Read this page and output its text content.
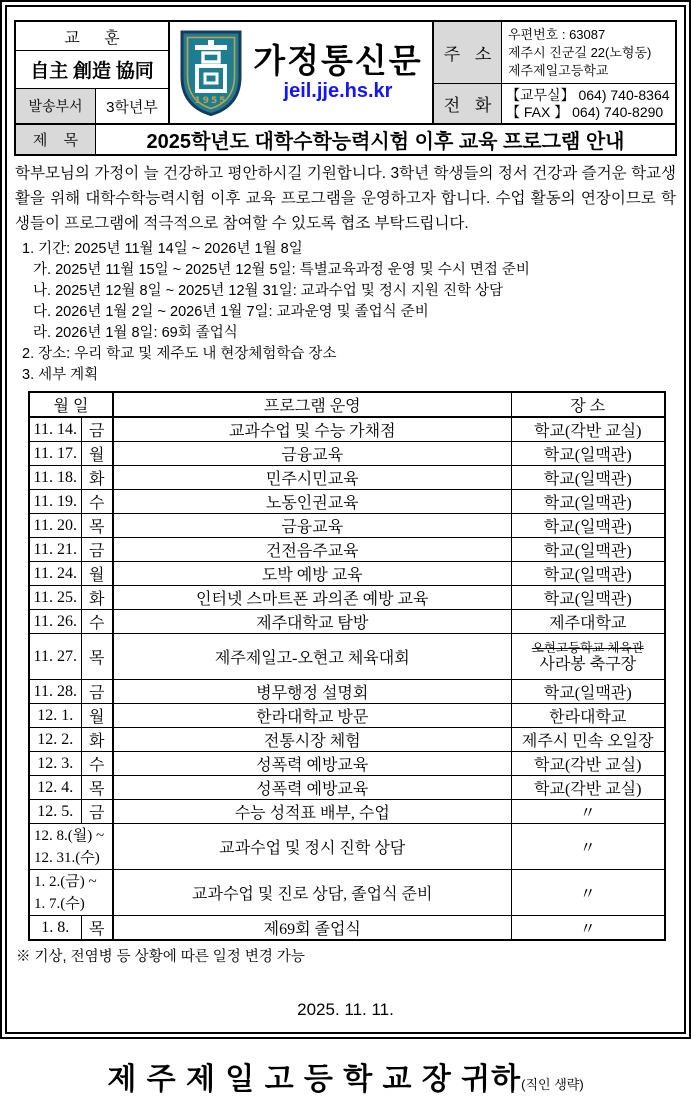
교 훈
自主 創造 協同
발송부서	3학년부	1955
가정통신문
jeil.jje.hs.kr
주 소
우편번호 : 63087
제주시 진군길 22(노형동)
제주제일고등학교
전 화
【교무실】 064) 740-8364
【 FAX 】 064) 740-8290
제 목	2025학년도 대학수학능력시험 이후 교육 프로그램 안내
학부모님의 가정이 늘 건강하고 평안하시길 기원합니다. 3학년 학생들의 정서 건강과 즐거운 학교생활을 위해 대학수학능력시험 이후 교육 프로그램을 운영하고자 합니다. 수업 활동의 연장이므로 학생들이 프로그램에 적극적으로 참여할 수 있도록 협조 부탁드립니다.
1. 기간: 2025년 11월 14일 ~ 2026년 1월 8일
가. 2025년 11월 15일 ~ 2025년 12월 5일: 특별교육과정 운영 및 수시 면접 준비
나. 2025년 12월 8일 ~ 2025년 12월 31일: 교과수업 및 정시 지원 진학 상담
다. 2026년 1월 2일 ~ 2026년 1월 7일: 교과운영 및 졸업식 준비
라. 2026년 1월 8일: 69회 졸업식
2. 장소: 우리 학교 및 제주도 내 현장체험학습 장소
3. 세부 계획
월 일		프로그램 운영	장 소
11. 14.	금	교과수업 및 수능 가채점	학교(각반 교실)
11. 17.	월	금융교육	학교(일맥관)
11. 18.	화	민주시민교육	학교(일맥관)
11. 19.	수	노동인권교육	학교(일맥관)
11. 20.	목	금융교육	학교(일맥관)
11. 21.	금	건전음주교육	학교(일맥관)
11. 24.	월	도박 예방 교육	학교(일맥관)
11. 25.	화	인터넷 스마트폰 과의존 예방 교육	학교(일맥관)
11. 26.	수	제주대학교 탐방	제주대학교
11. 27.	목	제주제일고-오현고 체육대회	오현고등학교 체육관
사라봉 축구장

11. 28.	금	병무행정 설명회	학교(일맥관)
12. 1.	월	한라대학교 방문	한라대학교
12. 2.	화	전통시장 체험	제주시 민속 오일장
12. 3.	수	성폭력 예방교육	학교(각반 교실)
12. 4.	목	성폭력 예방교육	학교(각반 교실)
12. 5.	금	수능 성적표 배부, 수업	〃

12. 8.(월) ~
12. 31.(수)		교과수업 및 정시 진학 상담	〃

1. 2.(금) ~
1. 7.(수)		교과수업 및 진로 상담, 졸업식 준비	〃
1. 8.	목	제69회 졸업식	〃
※ 기상, 전염병 등 상황에 따른 일정 변경 가능
2025. 11. 11.
제 주 제 일 고 등 학 교 장 귀하(직인 생략)
